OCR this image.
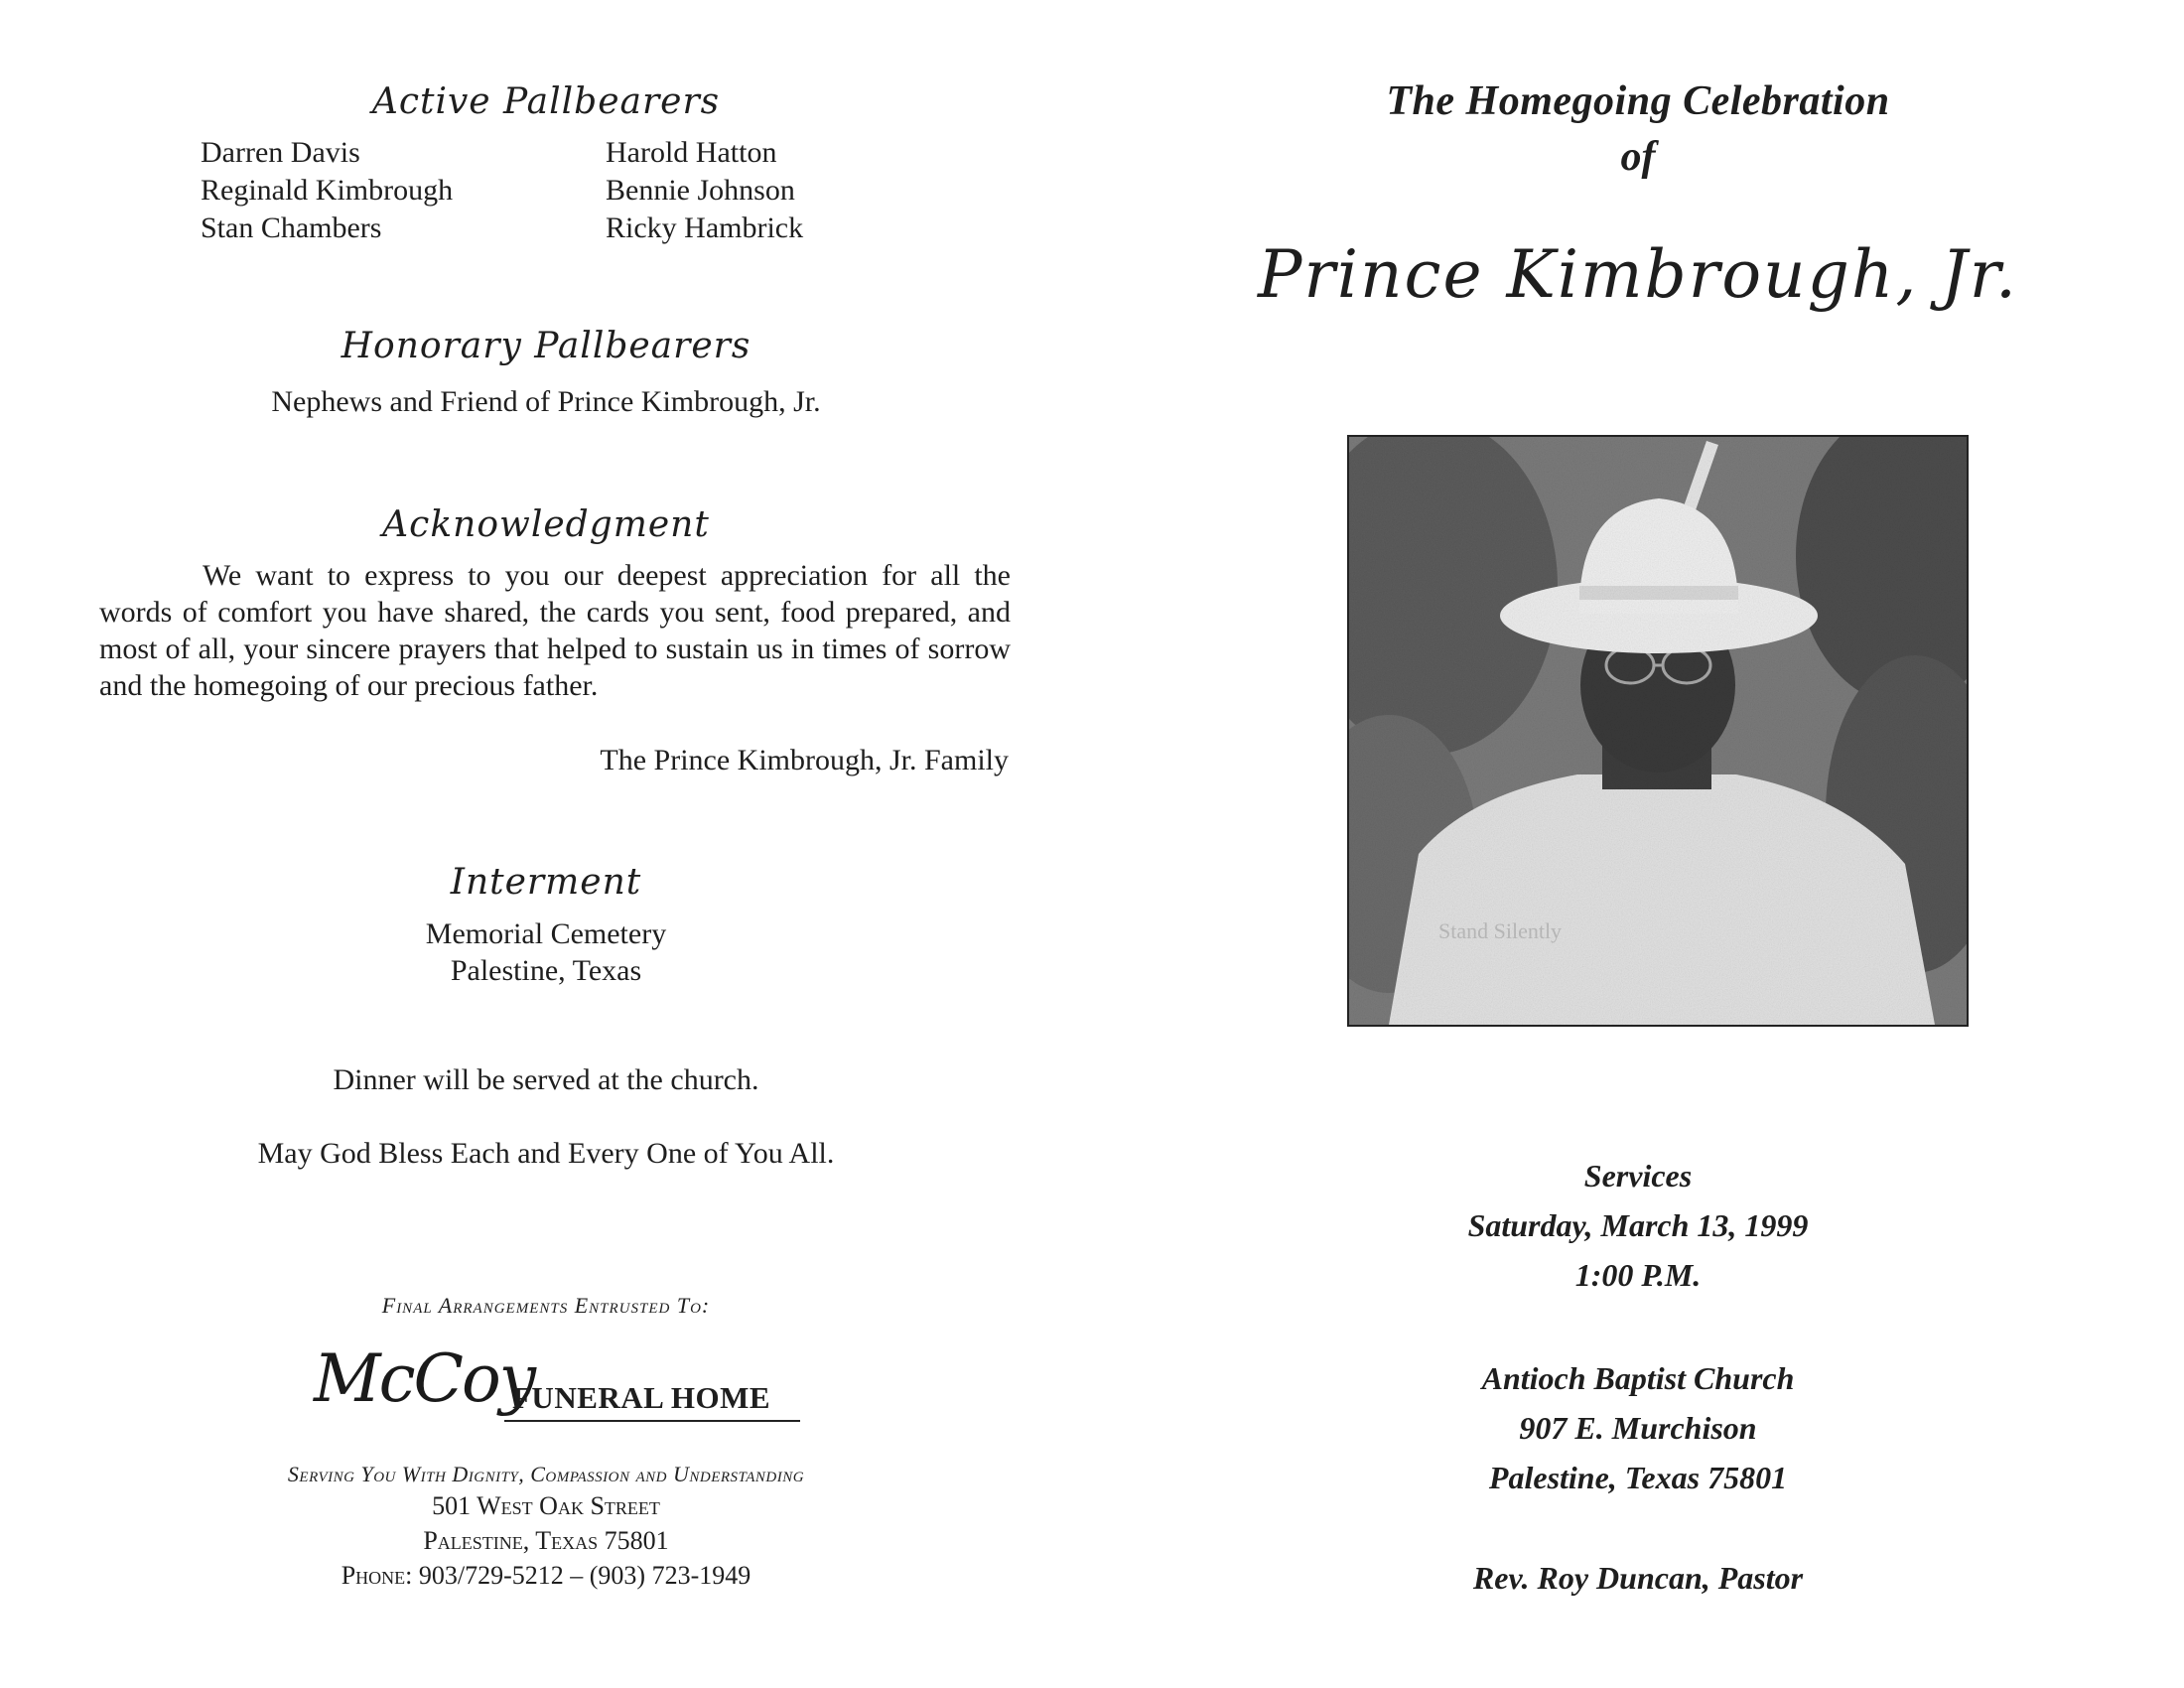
Active Pallbearers
Darren Davis
Reginald Kimbrough
Stan Chambers
Harold Hatton
Bennie Johnson
Ricky Hambrick
Honorary Pallbearers
Nephews and Friend of Prince Kimbrough, Jr.
Acknowledgment
We want to express to you our deepest appreciation for all the words of comfort you have shared, the cards you sent, food prepared, and most of all, your sincere prayers that helped to sustain us in times of sorrow and the homegoing of our precious father.
The Prince Kimbrough, Jr. Family
Interment
Memorial Cemetery
Palestine, Texas
Dinner will be served at the church.
May God Bless Each and Every One of You All.
Final Arrangements Entrusted To:
McCoy
FUNERAL HOME
Serving You With Dignity, Compassion and Understanding
501 West Oak Street
Palestine, Texas 75801
Phone: 903/729-5212 – (903) 723-1949
The Homegoing Celebration
of
Prince Kimbrough, Jr.
Stand Silently
Services
Saturday, March 13, 1999
1:00 P.M.
Antioch Baptist Church
907 E. Murchison
Palestine, Texas 75801
Rev. Roy Duncan, Pastor
